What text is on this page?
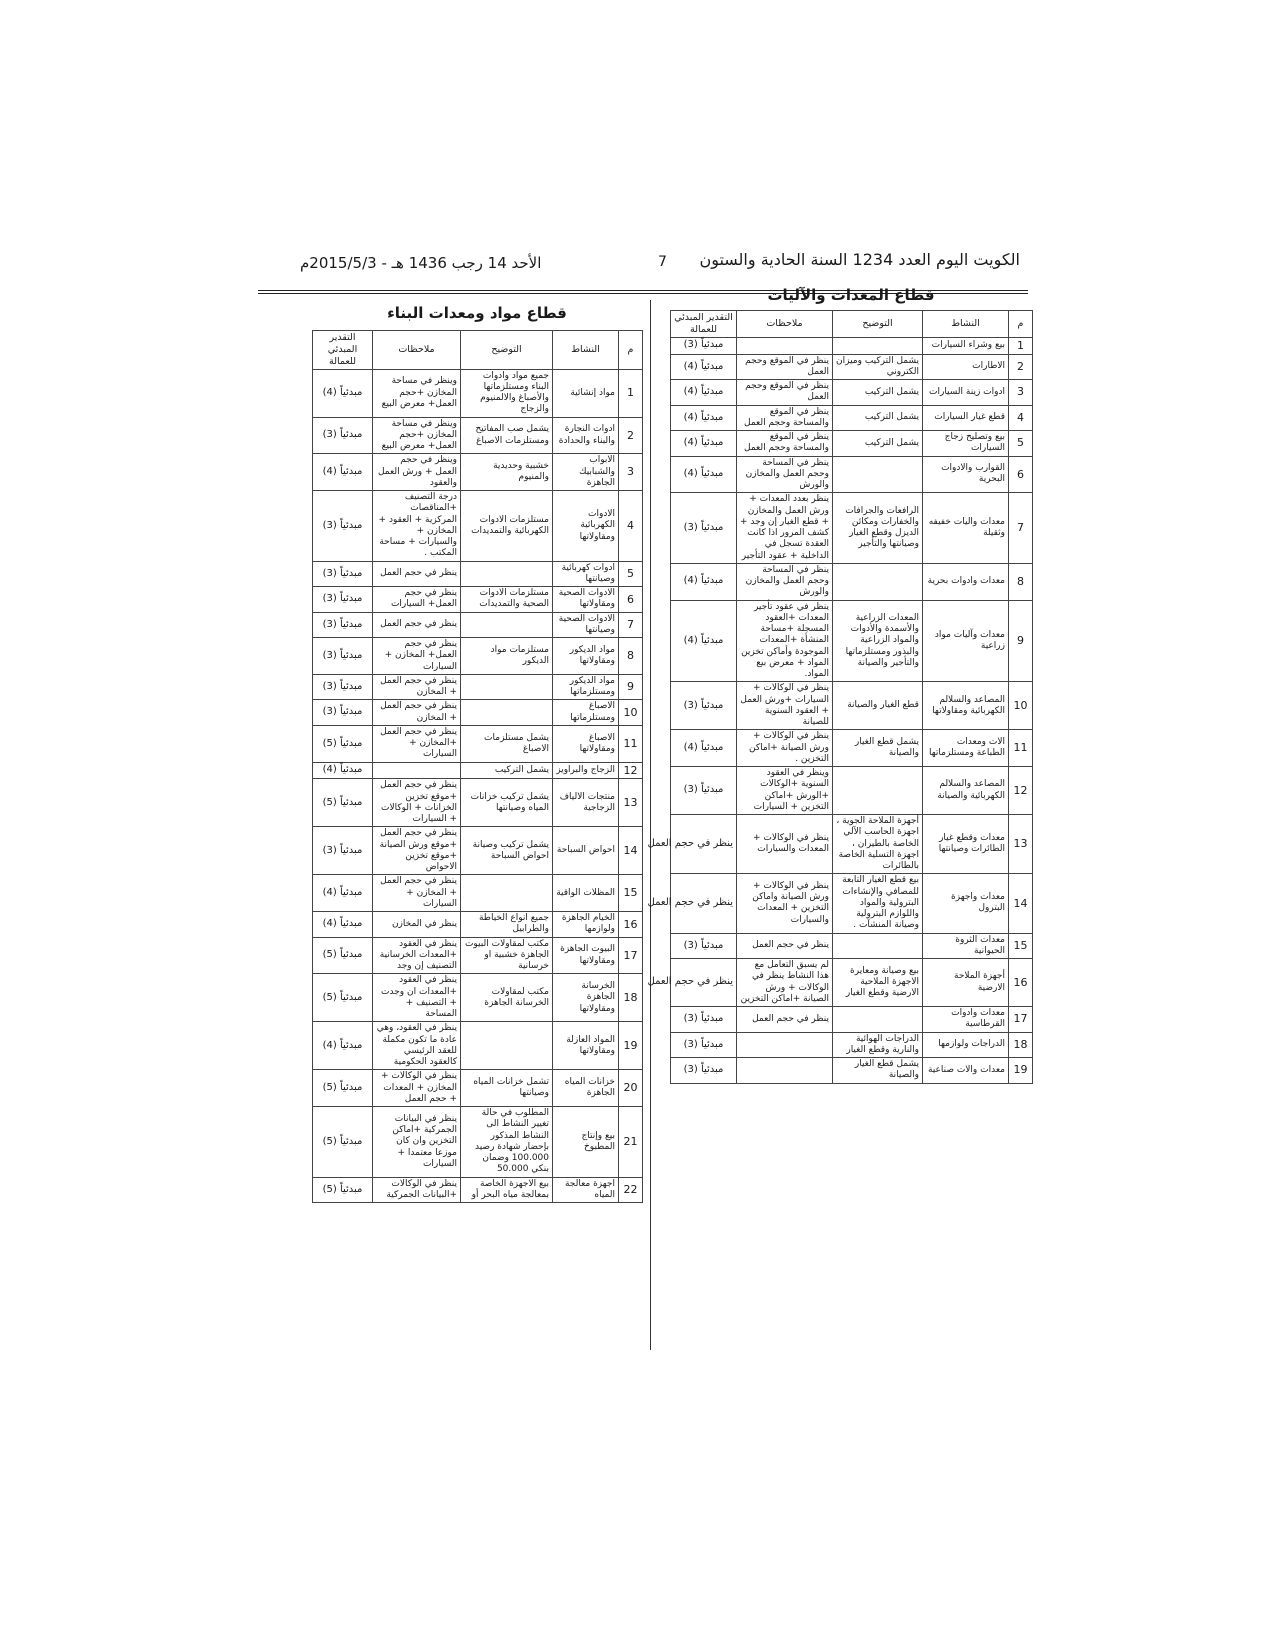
الكويت اليوم العدد 1234 السنة الحادية والستون
7
الأحد 14 رجب 1436 هـ - 2015/5/3م
قطاع مواد ومعدات البناء
قطاع المعدات والآليات
م	النشاط	التوضيح	ملاحظات	التقدير المبدئي للعمالة
1	مواد إنشائية	جميع مواد وادوات البناء ومستلزماتها والأصباغ والالمنيوم والزجاج	وينظر في مساحة المخازن +حجم العمل+ معرض البيع	مبدئياً (4)
2	ادوات النجارة والبناء والحدادة	يشمل صب المفاتيح ومستلزمات الاصباغ	وينظر في مساحة المخازن +حجم العمل+ معرض البيع	مبدئياً (3)
3	الابواب والشبابيك الجاهزة	خشبية وحديدية والمنيوم	وينظر في حجم العمل + ورش العمل والعقود	مبدئياً (4)
4	الادوات الكهربائية ومقاولاتها	مستلزمات الادوات الكهربائية والتمديدات	درجة التصنيف +المناقصات المركزية + العقود + المخازن + والسيارات + مساحة المكتب .	مبدئياً (3)
5	ادوات كهربائية وصيانتها		ينظر في حجم العمل	مبدئياً (3)
6	الادوات الصحية ومقاولاتها	مستلزمات الادوات الصحية والتمديدات	ينظر في حجم العمل+ السيارات	مبدئياً (3)
7	الادوات الصحية وصيانتها		ينظر في حجم العمل	مبدئياً (3)
8	مواد الديكور ومقاولاتها	مستلزمات مواد الديكور	ينظر في حجم العمل+ المخازن + السيارات	مبدئياً (3)
9	مواد الديكور ومستلزماتها		ينظر في حجم العمل + المخازن	مبدئياً (3)
10	الاصباغ ومستلزماتها		ينظر في حجم العمل + المخازن	مبدئياً (3)
11	الاصباغ ومقاولاتها	يشمل مستلزمات الاصباغ	ينظر في حجم العمل +المخازن + السيارات	مبدئياً (5)
12	الزجاج والبراويز	يشمل التركيب		مبدئياً (4)
13	منتجات الالياف الزجاجية	يشمل تركيب خزانات المياه وصيانتها	ينظر في حجم العمل +موقع تخزين الخزانات + الوكالات + السيارات	مبدئياً (5)
14	احواض السباحة	يشمل تركيب وصيانة احواض السباحة	ينظر في حجم العمل +موقع ورش الصيانة +موقع تخزين الاحواض	مبدئياً (3)
15	المظلات الواقية		ينظر في حجم العمل + المخازن + السيارات	مبدئياً (4)
16	الخيام الجاهزة ولوازمها	جميع انواع الخياطة والطرابيل	ينظر في المخازن	مبدئياً (4)
17	البيوت الجاهزة ومقاولاتها	مكتب لمقاولات البيوت الجاهزة خشبية او خرسانية	ينظر في العقود +المعدات الخرسانية التصنيف إن وجد	مبدئياً (5)
18	الخرسانة الجاهزة ومقاولاتها	مكتب لمقاولات الخرسانة الجاهزة	ينظر في العقود +المعدات ان وجدت + التصنيف + المساحة	مبدئياً (5)
19	المواد العازلة ومقاولاتها		ينظر في العقود، وهي عادة ما تكون مكملة للعقد الرئيسي كالعقود الحكومية	مبدئياً (4)
20	خزانات المياه الجاهزة	تشمل خزانات المياه وصيانتها	ينظر في الوكالات + المخازن + المعدات + حجم العمل	مبدئياً (5)
21	بيع وإنتاج المطبوخ	المطلوب في حالة تغيير النشاط الى النشاط المذكور بإحضار شهادة رصيد 100.000 وضمان بنكي 50.000	ينظر في البيانات الجمركية +اماكن التخزين وان كان موزعا معتمدا + السيارات	مبدئياً (5)
22	اجهزة معالجة المياه	بيع الاجهزة الخاصة بمعالجة مياه البحر أو	ينظر في الوكالات +البيانات الجمركية	مبدئياً (5)
م	النشاط	التوضيح	ملاحظات	التقدير المبدئي للعمالة
1	بيع وشراء السيارات			مبدئياً (3)
2	الاطارات	يشمل التركيب وميزان الكتروني	ينظر في الموقع وحجم العمل	مبدئياً (4)
3	ادوات زينة السيارات	يشمل التركيب	ينظر في الموقع وحجم العمل	مبدئياً (4)
4	قطع غيار السيارات	يشمل التركيب	ينظر في الموقع والمساحة وحجم العمل	مبدئياً (4)
5	بيع وتصليح زجاج السيارات	يشمل التركيب	ينظر في الموقع والمساحة وحجم العمل	مبدئياً (4)
6	القوارب والادوات البحرية		ينظر في المساحة وحجم العمل والمخازن والورش	مبدئياً (4)
7	معدات واليات خفيفه وثقيلة	الرافعات والجرافات والخفارات ومكائن الديزل وقطع الغيار وصيانتها والتأجير	ينظر بعدد المعدات + ورش العمل والمخازن + قطع الغيار إن وجد + كشف المرور اذا كانت العقدة تسجل في الداخلية + عقود التأجير	مبدئياً (3)
8	معدات وادوات بحرية		ينظر في المساحة وحجم العمل والمخازن والورش	مبدئياً (4)
9	معدات وآليات مواد زراعية	المعدات الزراعية والأسمدة والأدوات والمواد الزراعية والبذور ومستلزماتها والتأجير والصيانة	ينظر في عقود تأجير المعدات +العقود المسجلة +مساحة المنشأة +المعدات الموجودة وأماكن تخزين المواد + معرض بيع المواد.	مبدئياً (4)
10	المصاعد والسلالم الكهربائية ومقاولاتها	قطع الغيار والصيانة	ينظر في الوكالات + السيارات +ورش العمل + العقود السنوية للصيانة	مبدئياً (3)
11	الات ومعدات الطباعة ومستلزماتها	يشمل قطع الغيار والصيانة	ينظر في الوكالات + ورش الصيانة +اماكن التخزين .	مبدئياً (4)
12	المصاعد والسلالم الكهربائية والصيانة		وينظر في العقود السنوية +الوكالات +الورش +اماكن التخزين + السيارات	مبدئياً (3)
13	معدات وقطع غيار الطائرات وصيانتها	أجهزة الملاحة الجوية ، اجهزة الحاسب الآلي الخاصة بالطيران ، اجهزة التسلية الخاصة بالطائرات	ينظر في الوكالات + المعدات والسيارات	ينظر في حجم العمل
14	معدات واجهزة البترول	بيع قطع الغيار التابعة للمصافي والإنشاءات البترولية والمواد واللوازم البترولية وصيانة المنشآت .	ينظر في الوكالات + ورش الصيانة واماكن التخزين + المعدات والسيارات	ينظر في حجم العمل
15	معدات الثروة الحيوانية		ينظر في حجم العمل	مبدئياً (3)
16	أجهزة الملاحة الارضية	بيع وصيانة ومعايرة الاجهزة الملاحية الارضية وقطع الغيار	لم يسبق التعامل مع هذا النشاط ينظر في الوكالات + ورش الصيانة +اماكن التخزين	ينظر في حجم العمل
17	معدات وادوات القرطاسية		ينظر في حجم العمل	مبدئياً (3)
18	الدراجات ولوازمها	الدراجات الهوائية والنارية وقطع الغيار		مبدئياً (3)
19	معدات والات صناعية	يشمل قطع الغيار والصيانة		مبدئياً (3)
